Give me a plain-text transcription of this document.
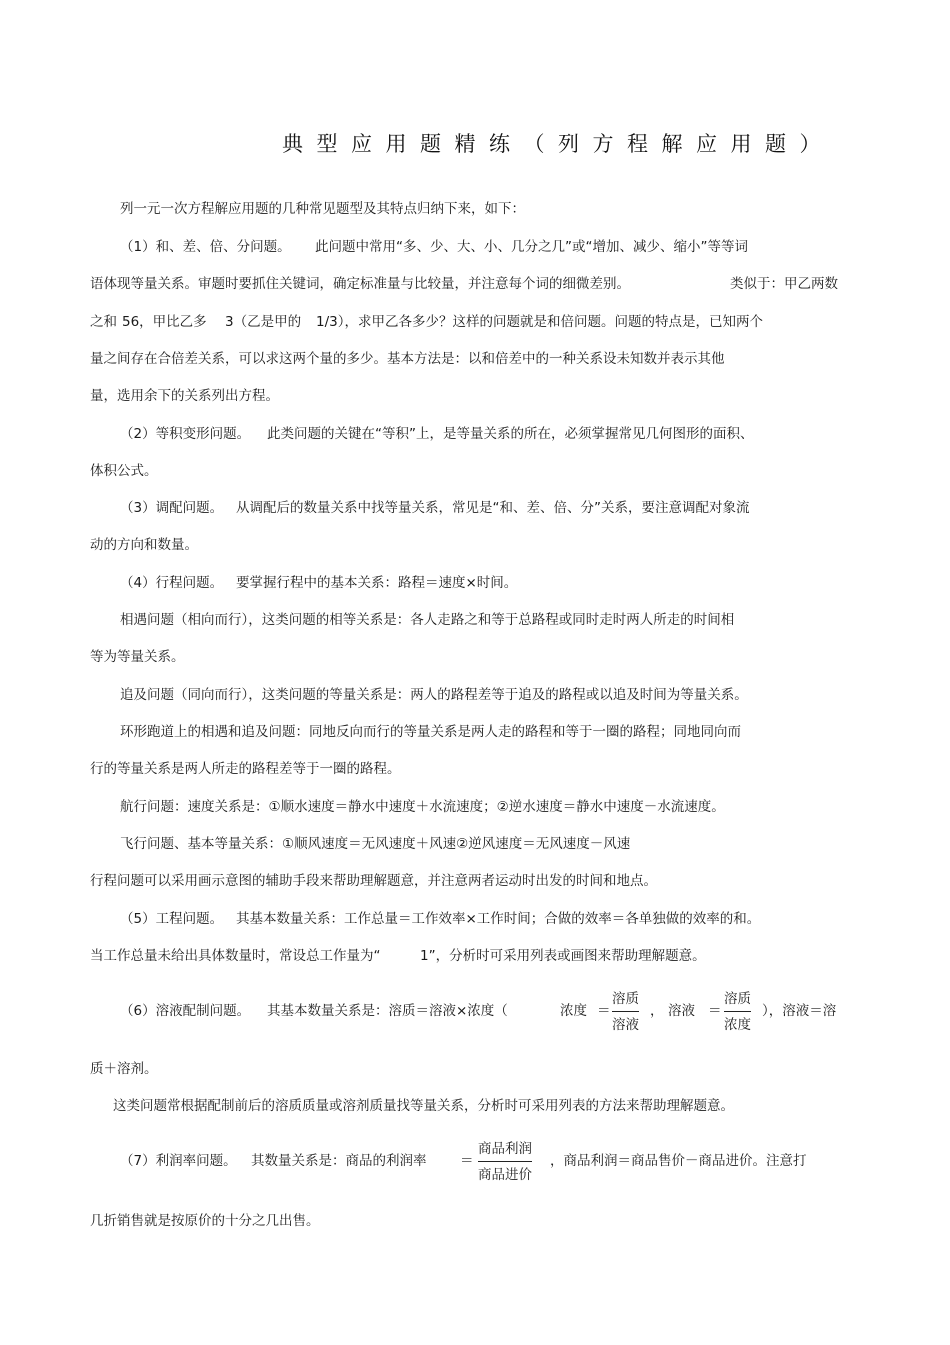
典型应用题精练（列方程解应用题）
列一元一次方程解应用题的几种常见题型及其特点归纳下来，如下：
（1）和、差、倍、分问题。 此问题中常用“多、少、大、小、几分之几”或“增加、减少、缩小”等等词
语体现等量关系。审题时要抓住关键词，确定标准量与比较量，并注意每个词的细微差别。	类似于：甲乙两数
之和 56，甲比乙多 3（乙是甲的 1/3），求甲乙各多少？这样的问题就是和倍问题。问题的特点是，已知两个
量之间存在合倍差关系，可以求这两个量的多少。基本方法是：以和倍差中的一种关系设未知数并表示其他
量，选用余下的关系列出方程。
（2）等积变形问题。 此类问题的关键在“等积”上，是等量关系的所在，必须掌握常见几何图形的面积、
体积公式。
（3）调配问题。 从调配后的数量关系中找等量关系，常见是“和、差、倍、分”关系，要注意调配对象流
动的方向和数量。
（4）行程问题。 要掌握行程中的基本关系：路程＝速度×时间。
相遇问题（相向而行），这类问题的相等关系是：各人走路之和等于总路程或同时走时两人所走的时间相
等为等量关系。
追及问题（同向而行），这类问题的等量关系是：两人的路程差等于追及的路程或以追及时间为等量关系。
环形跑道上的相遇和追及问题：同地反向而行的等量关系是两人走的路程和等于一圈的路程；同地同向而
行的等量关系是两人所走的路程差等于一圈的路程。
航行问题：速度关系是：①顺水速度＝静水中速度＋水流速度；②逆水速度＝静水中速度－水流速度。
飞行问题、基本等量关系：①顺风速度＝无风速度＋风速②逆风速度＝无风速度－风速
行程问题可以采用画示意图的辅助手段来帮助理解题意，并注意两者运动时出发的时间和地点。
（5）工程问题。 其基本数量关系：工作总量＝工作效率×工作时间；合做的效率＝各单独做的效率的和。
当工作总量未给出具体数量时，常设总工作量为“	1”，分析时可采用列表或画图来帮助理解题意。
（6）溶液配制问题。 其基本数量关系是：溶质＝溶液×浓度（	浓度 ＝
溶质
溶液
， 溶液 ＝
溶质
浓度
），溶液＝溶
质＋溶剂。
这类问题常根据配制前后的溶质质量或溶剂质量找等量关系，分析时可采用列表的方法来帮助理解题意。
（7）利润率问题。 其数量关系是：商品的利润率 ＝
商品利润
商品进价
，商品利润＝商品售价－商品进价。注意打
几折销售就是按原价的十分之几出售。
